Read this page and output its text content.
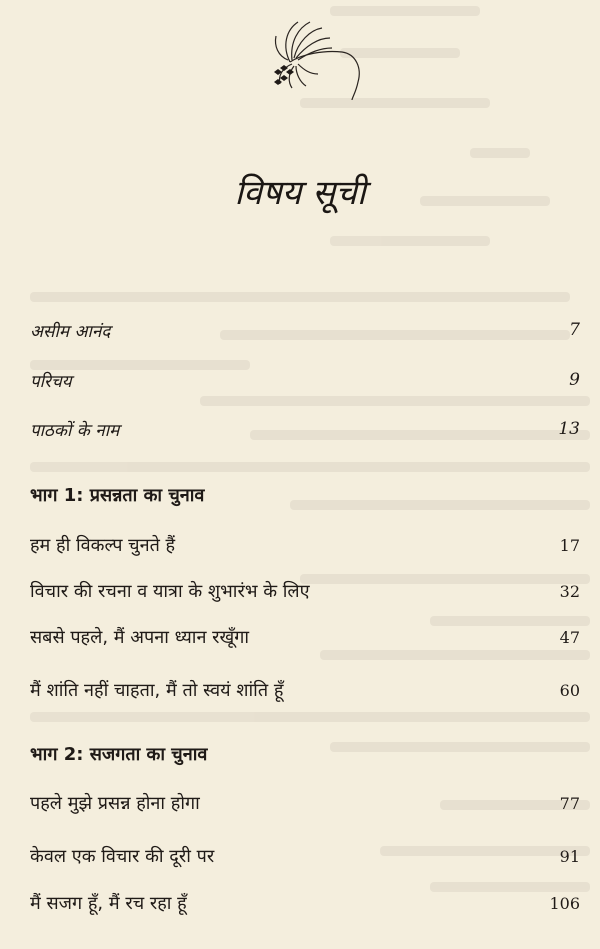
विषय सूची
असीम आनंद	7
परिचय	9
पाठकों के नाम	13
भाग 1: प्रसन्नता का चुनाव
हम ही विकल्प चुनते हैं	17
विचार की रचना व यात्रा के शुभारंभ के लिए	32
सबसे पहले, मैं अपना ध्यान रखूँगा	47
मैं शांति नहीं चाहता, मैं तो स्वयं शांति हूँ	60
भाग 2: सजगता का चुनाव
पहले मुझे प्रसन्न होना होगा	77
केवल एक विचार की दूरी पर	91
मैं सजग हूँ, मैं रच रहा हूँ	106
